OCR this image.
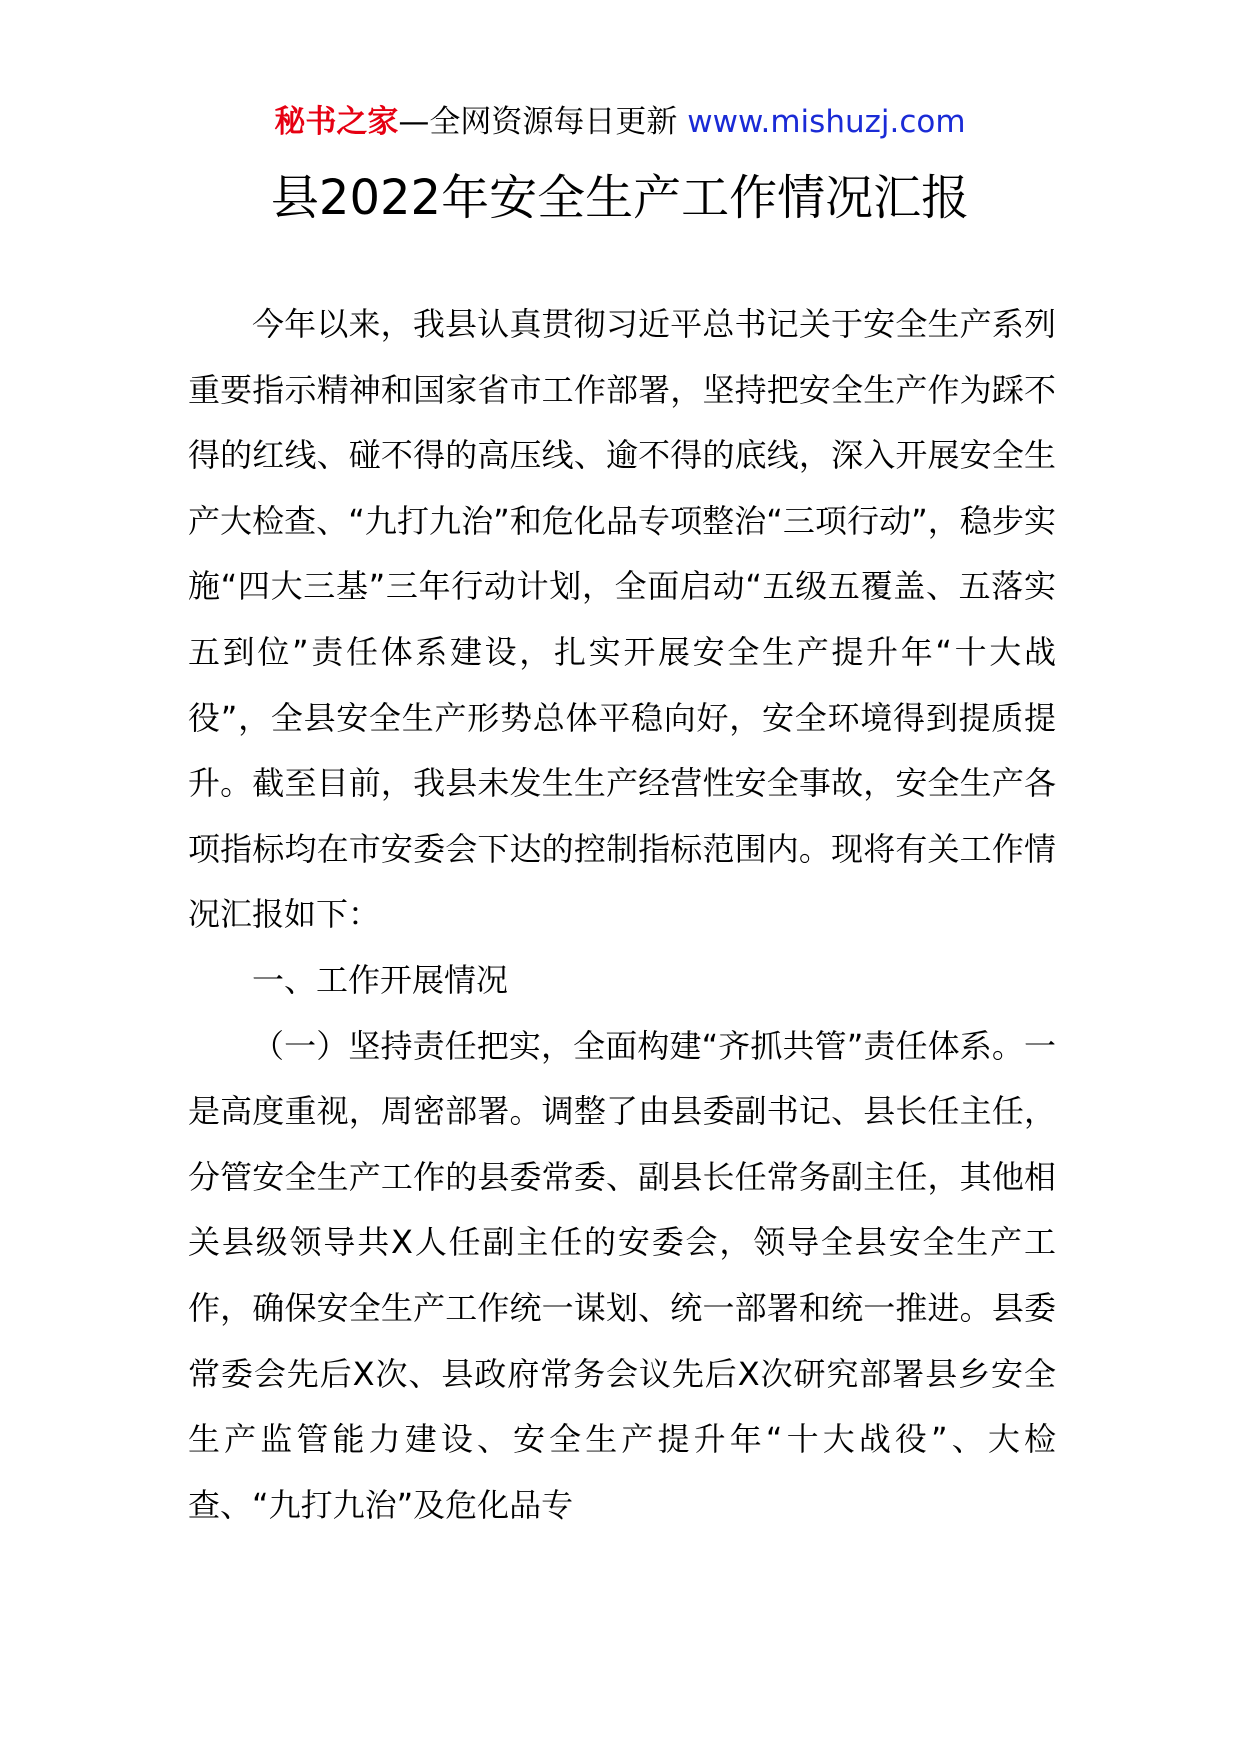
秘书之家—全网资源每日更新 www.mishuzj.com
县2022年安全生产工作情况汇报

今年以来，我县认真贯彻习近平总书记关于安全生产系列重要指示精神和国家省市工作部署，坚持把安全生产作为踩不得的红线、碰不得的高压线、逾不得的底线，深入开展安全生产大检查、“九打九治”和危化品专项整治“三项行动”，稳步实施“四大三基”三年行动计划，全面启动“五级五覆盖、五落实五到位”责任体系建设，扎实开展安全生产提升年“十大战役”，全县安全生产形势总体平稳向好，安全环境得到提质提升。截至目前，我县未发生生产经营性安全事故，安全生产各项指标均在市安委会下达的控制指标范围内。现将有关工作情况汇报如下：

一、工作开展情况

（一）坚持责任把实，全面构建“齐抓共管”责任体系。一是高度重视，周密部署。调整了由县委副书记、县长任主任，分管安全生产工作的县委常委、副县长任常务副主任，其他相关县级领导共X人任副主任的安委会，领导全县安全生产工作，确保安全生产工作统一谋划、统一部署和统一推进。县委常委会先后X次、县政府常务会议先后X次研究部署县乡安全生产监管能力建设、安全生产提升年“十大战役”、大检查、“九打九治”及危化品专
